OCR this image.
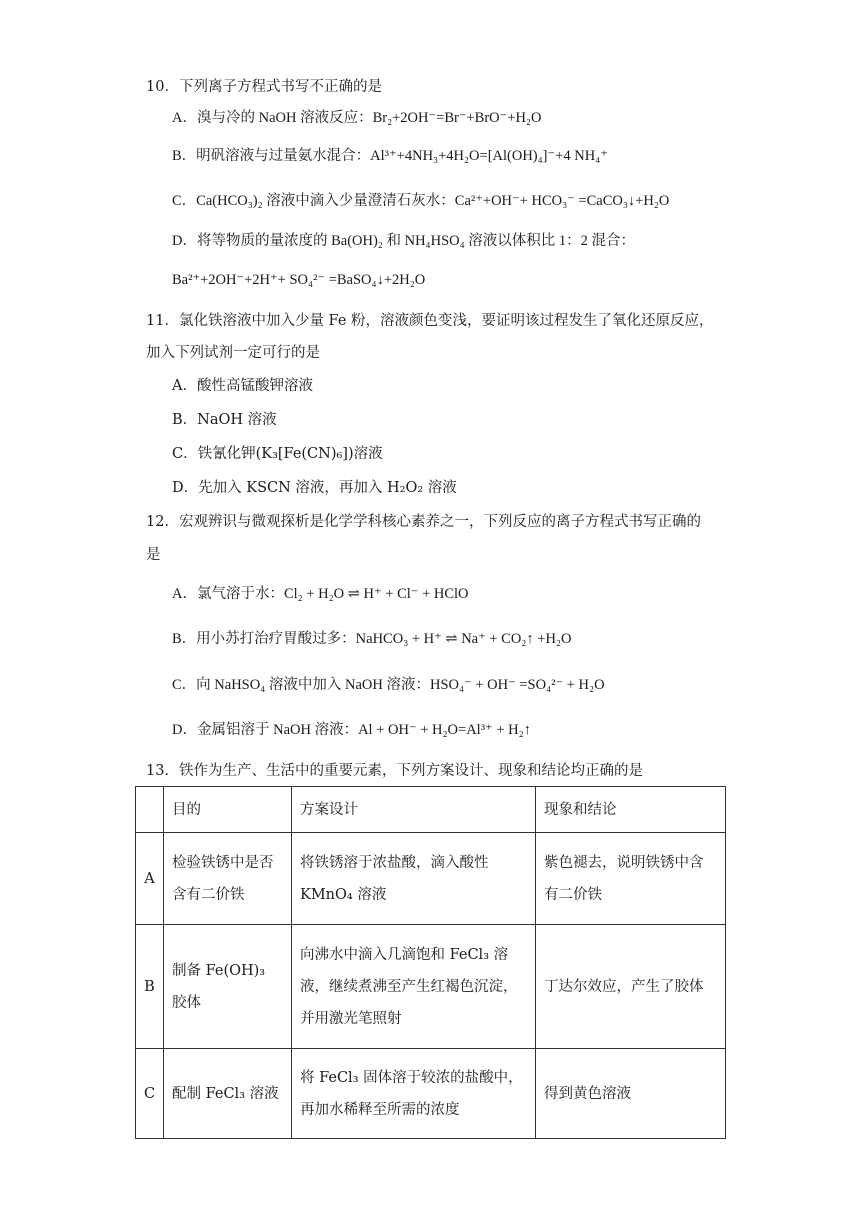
10．下列离子方程式书写不正确的是
A．溴与冷的 NaOH 溶液反应：Br₂+2OH⁻=Br⁻+BrO⁻+H₂O
B．明矾溶液与过量氨水混合：Al³⁺+4NH₃+4H₂O=[Al(OH)₄]⁻+4 NH₄⁺
C．Ca(HCO₃)₂ 溶液中滴入少量澄清石灰水：Ca²⁺+OH⁻+ HCO₃⁻ =CaCO₃↓+H₂O
D．将等物质的量浓度的 Ba(OH)₂ 和 NH₄HSO₄ 溶液以体积比 1：2 混合：
Ba²⁺+2OH⁻+2H⁺+ SO₄²⁻ =BaSO₄↓+2H₂O
11．氯化铁溶液中加入少量 Fe 粉，溶液颜色变浅，要证明该过程发生了氧化还原反应，
加入下列试剂一定可行的是
A．酸性高锰酸钾溶液
B．NaOH 溶液
C．铁氰化钾(K₃[Fe(CN)₆])溶液
D．先加入 KSCN 溶液，再加入 H₂O₂ 溶液
12．宏观辨识与微观探析是化学学科核心素养之一，下列反应的离子方程式书写正确的
是
A．氯气溶于水：Cl₂ + H₂O ⇌ H⁺ + Cl⁻ + HClO
B．用小苏打治疗胃酸过多：NaHCO₃ + H⁺ ⇌ Na⁺ + CO₂↑ +H₂O
C．向 NaHSO₄ 溶液中加入 NaOH 溶液：HSO₄⁻ + OH⁻ =SO₄²⁻ + H₂O
D．金属铝溶于 NaOH 溶液：Al + OH⁻ + H₂O=Al³⁺ + H₂↑
13．铁作为生产、生活中的重要元素，下列方案设计、现象和结论均正确的是
	目的	方案设计	现象和结论
A	检验铁锈中是否含有二价铁	将铁锈溶于浓盐酸，滴入酸性 KMnO₄ 溶液	紫色褪去，说明铁锈中含有二价铁
B	制备 Fe(OH)₃ 胶体	向沸水中滴入几滴饱和 FeCl₃ 溶液，继续煮沸至产生红褐色沉淀，并用激光笔照射	丁达尔效应，产生了胶体
C	配制 FeCl₃ 溶液	将 FeCl₃ 固体溶于较浓的盐酸中，再加水稀释至所需的浓度	得到黄色溶液
